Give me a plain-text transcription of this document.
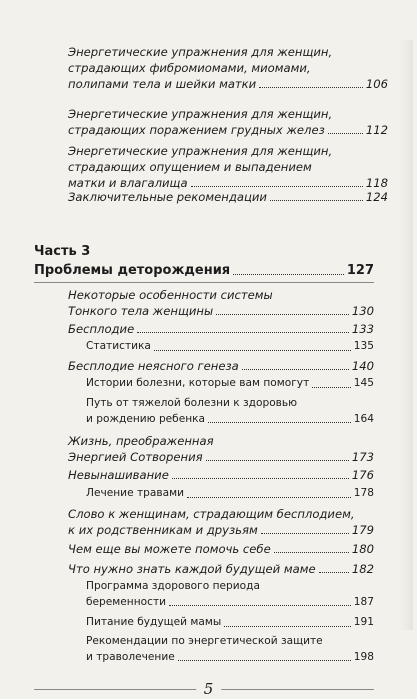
Энергетические упражнения для женщин,
страдающих фибромиомами, миомами,
полипами тела и шейки матки	106
Энергетические упражнения для женщин,
страдающих поражением грудных желез	112
Энергетические упражнения для женщин,
страдающих опущением и выпадением
матки и влагалища	118
Заключительные рекомендации	124
Часть 3
Проблемы деторождения	127
Некоторые особенности системы
Тонкого тела женщины	130
Бесплодие	133
Статистика	135
Бесплодие неясного генеза	140
Истории болезни, которые вам помогут	145
Путь от тяжелой болезни к здоровью
и рождению ребенка	164
Жизнь, преображенная
Энергией Сотворения	173
Невынашивание	176
Лечение травами	178
Слово к женщинам, страдающим бесплодием,
к их родственникам и друзьям	179
Чем еще вы можете помочь себе	180
Что нужно знать каждой будущей маме	182
Программа здорового периода
беременности	187
Питание будущей мамы	191
Рекомендации по энергетической защите
и траволечение	198
5
